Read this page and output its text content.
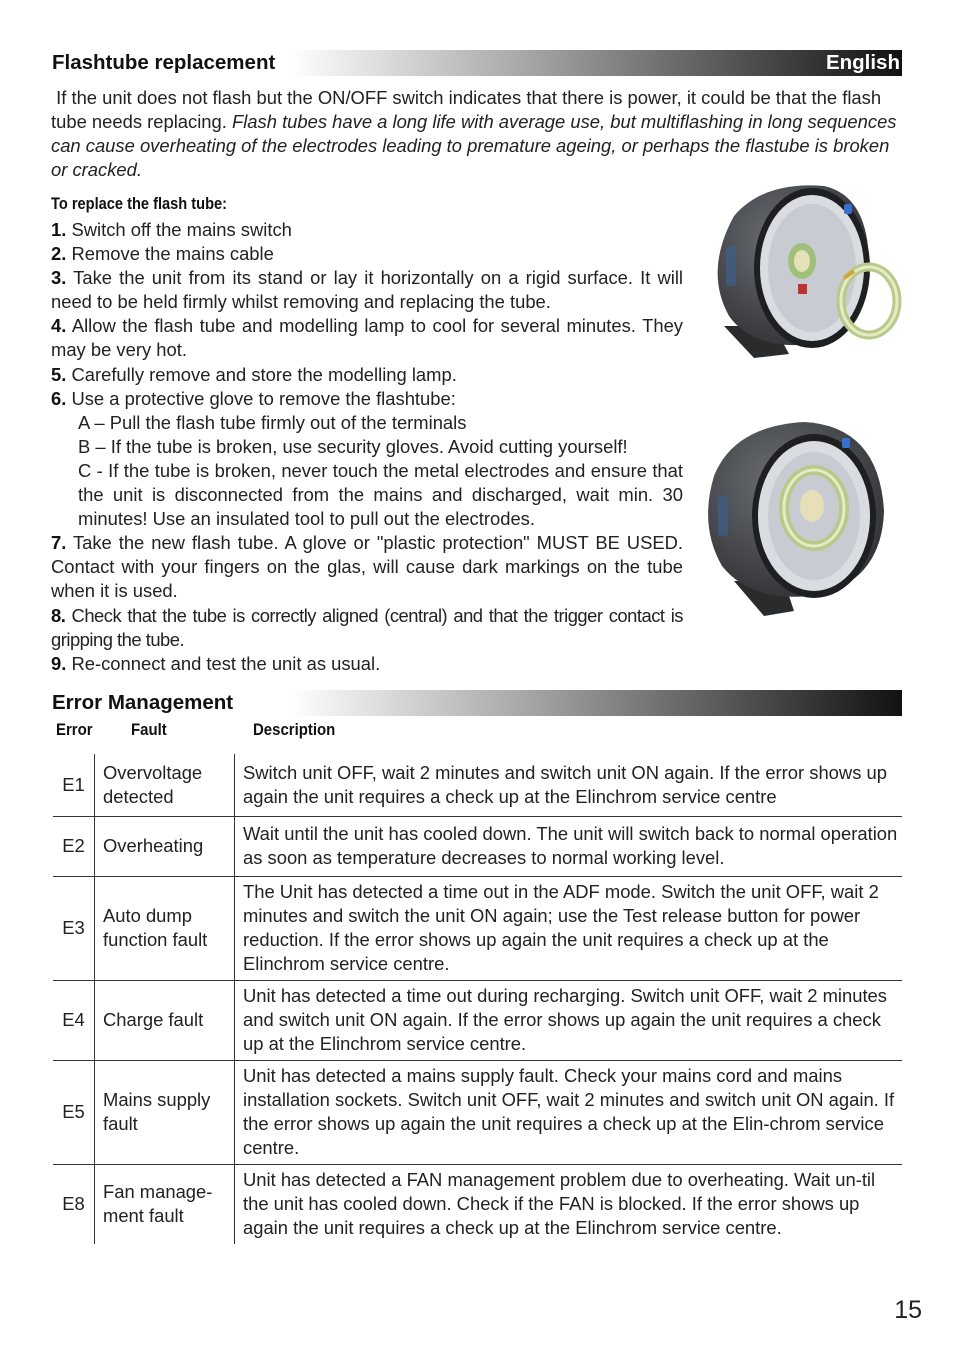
Flashtube replacement	English
If the unit does not flash but the ON/OFF switch indicates that there is power, it could be that the flash tube needs replacing. Flash tubes have a long life with average use, but multiflashing in long sequences can cause overheating of the electrodes leading to premature ageing, or perhaps the flastube is broken or cracked.
To replace the flash tube:

1. Switch off the mains switch

2. Remove the mains cable

3. Take the unit from its stand or lay it horizontally on a rigid surface. It will need to be held firmly whilst removing and replacing the tube.

4. Allow the flash tube and modelling lamp to cool for several minutes. They may be very hot.

5. Carefully remove and store the modelling lamp.

6. Use a protective glove to remove the flashtube:

A – Pull the flash tube firmly out of the terminals

B – If the tube is broken, use security gloves. Avoid cutting yourself!

C - If the tube is broken, never touch the metal electrodes and ensure that the unit is disconnected from the mains and discharged, wait min. 30 minutes! Use an insulated tool to pull out the electrodes.

7. Take the new flash tube. A glove or "plastic protection" MUST BE USED. Contact with your fingers on the glas, will cause dark markings on the tube when it is used.

8. Check that the tube is correctly aligned (central) and that the trigger contact is gripping the tube.

9. Re-connect and test the unit as usual.

Error Management
Error Fault	Description
E1	Overvoltage detected	Switch unit OFF, wait 2 minutes and switch unit ON again. If the error shows up again the unit requires a check up at the Elinchrom service centre
E2	Overheating	Wait until the unit has cooled down. The unit will switch back to normal operation as soon as temperature decreases to normal working level.
E3	Auto dump function fault	The Unit has detected a time out in the ADF mode. Switch the unit OFF, wait 2 minutes and switch the unit ON again; use the Test release button for power reduction. If the error shows up again the unit requires a check up at the Elinchrom service centre.
E4	Charge fault	Unit has detected a time out during recharging. Switch unit OFF, wait 2 minutes and switch unit ON again. If the error shows up again the unit requires a check up at the Elinchrom service centre.
E5	Mains supply fault	Unit has detected a mains supply fault. Check your mains cord and mains installation sockets. Switch unit OFF, wait 2 minutes and switch unit ON again. If the error shows up again the unit requires a check up at the Elin-chrom service centre.
E8	Fan manage-ment fault	Unit has detected a FAN management problem due to overheating. Wait un-til the unit has cooled down. Check if the FAN is blocked. If the error shows up again the unit requires a check up at the Elinchrom service centre.
15
